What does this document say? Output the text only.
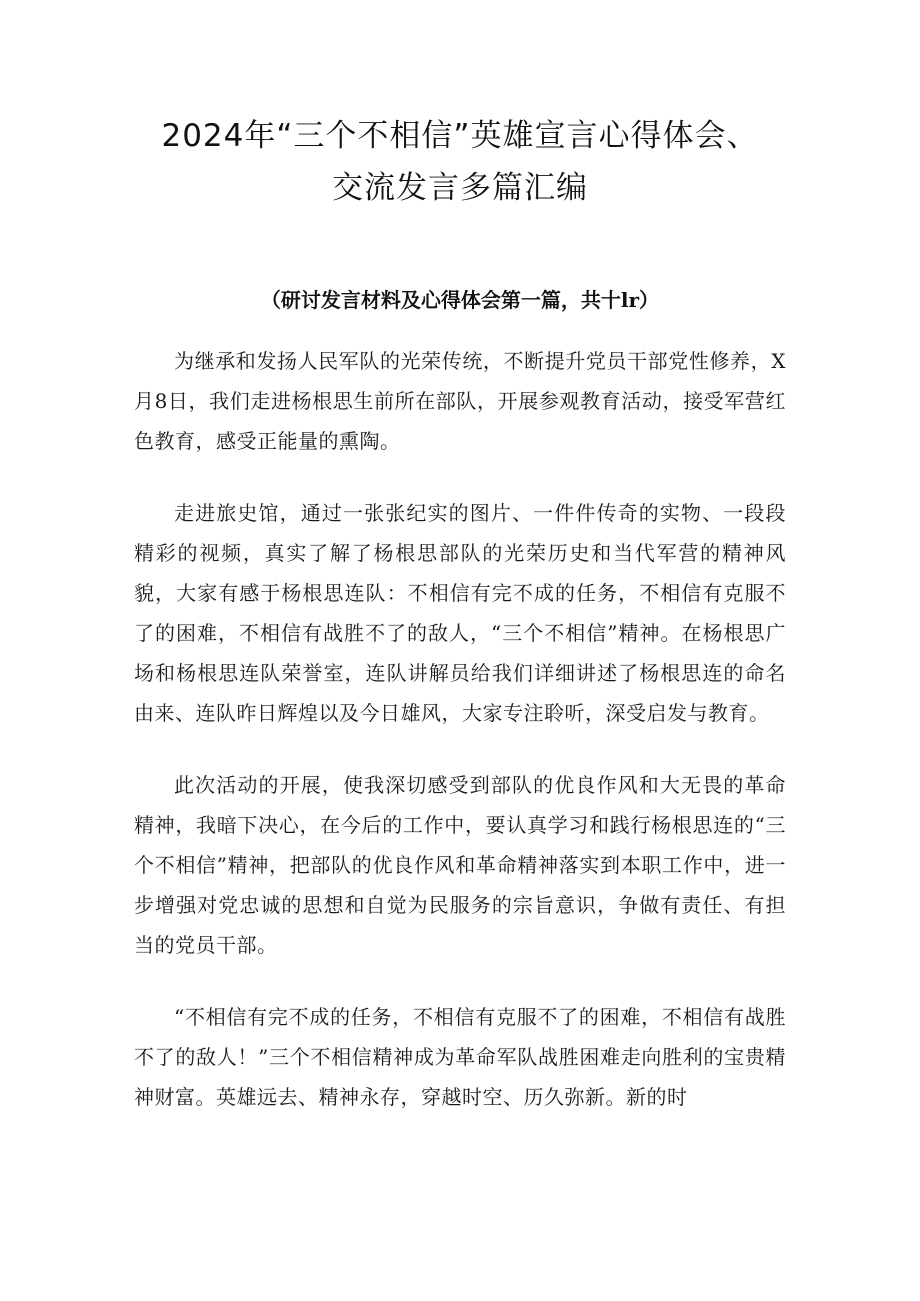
2024年“三个不相信”英雄宣言心得体会、
交流发言多篇汇编
（研讨发言材料及心得体会第一篇，共十lr）

为继承和发扬人民军队的光荣传统，不断提升党员干部党性修养，X月8日，我们走进杨根思生前所在部队，开展参观教育活动，接受军营红色教育，感受正能量的熏陶。

走进旅史馆，通过一张张纪实的图片、一件件传奇的实物、一段段精彩的视频，真实了解了杨根思部队的光荣历史和当代军营的精神风貌，大家有感于杨根思连队：不相信有完不成的任务，不相信有克服不了的困难，不相信有战胜不了的敌人，“三个不相信”精神。在杨根思广场和杨根思连队荣誉室，连队讲解员给我们详细讲述了杨根思连的命名由来、连队昨日辉煌以及今日雄风，大家专注聆听，深受启发与教育。

此次活动的开展，使我深切感受到部队的优良作风和大无畏的革命精神，我暗下决心，在今后的工作中，要认真学习和践行杨根思连的“三个不相信”精神，把部队的优良作风和革命精神落实到本职工作中，进一步增强对党忠诚的思想和自觉为民服务的宗旨意识，争做有责任、有担当的党员干部。

“不相信有完不成的任务，不相信有克服不了的困难，不相信有战胜不了的敌人！”三个不相信精神成为革命军队战胜困难走向胜利的宝贵精神财富。英雄远去、精神永存，穿越时空、历久弥新。新的时
